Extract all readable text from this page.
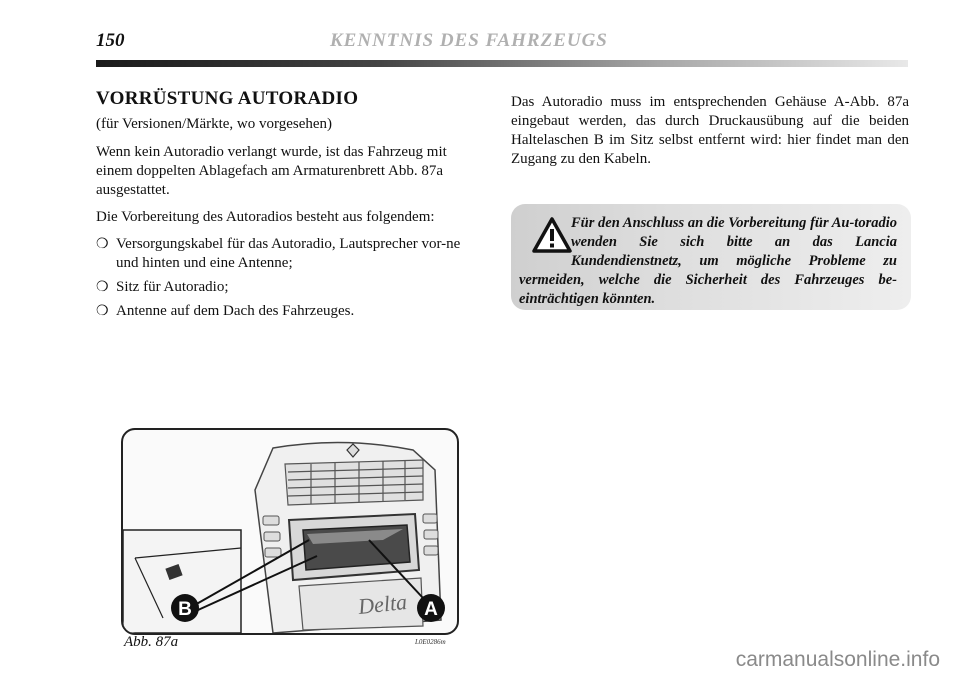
150	KENNTNIS DES FAHRZEUGS
VORRÜSTUNG AUTORADIO

(für Versionen/Märkte, wo vorgesehen)

Wenn kein Autoradio verlangt wurde, ist das Fahrzeug mit einem doppelten Ablagefach am Armaturenbrett Abb. 87a ausgestattet.

Die Vorbereitung des Autoradios besteht aus folgendem:

❍ Versorgungskabel für das Autoradio, Lautsprecher vor-ne und hinten und eine Antenne;
❍ Sitz für Autoradio;
❍ Antenne auf dem Dach des Fahrzeuges.

Das Autoradio muss im entsprechenden Gehäuse A-Abb. 87a eingebaut werden, das durch Druckausübung auf die beiden Haltelaschen B im Sitz selbst entfernt wird: hier findet man den Zugang zu den Kabeln.

Für den Anschluss an die Vorbereitung für Au-toradio wenden Sie sich bitte an das Lancia Kundendienstnetz, um mögliche Probleme zu vermeiden, welche die Sicherheit des Fahrzeuges be-einträchtigen könnten.
Delta
B	A
Abb. 87a	L0E0286m
carmanualsonline.info
